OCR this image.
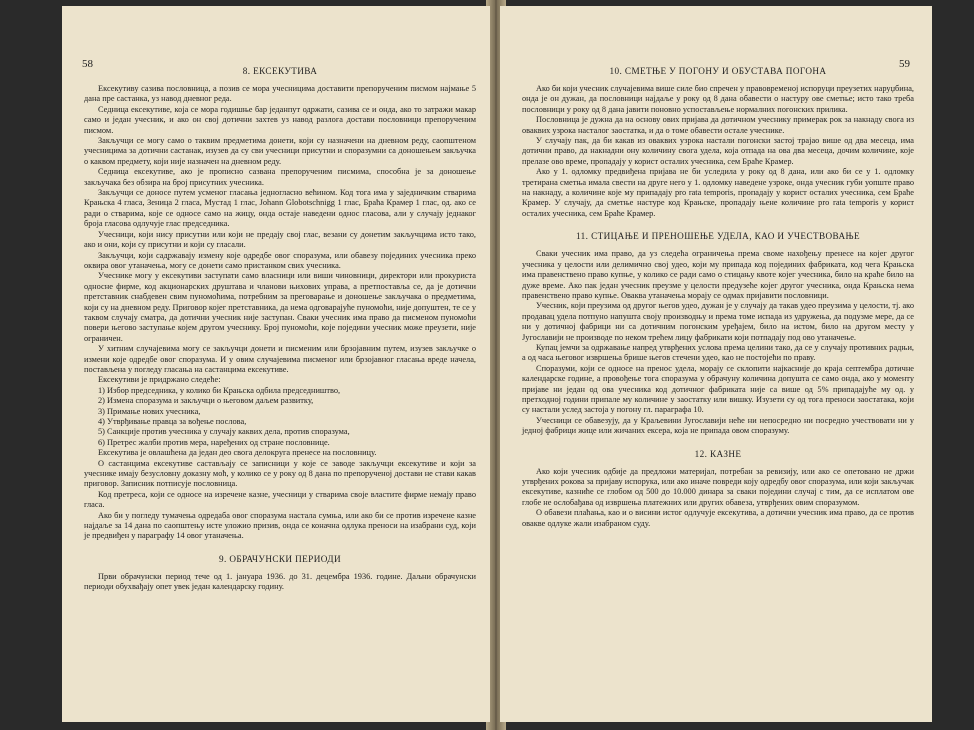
58
8. ЕКСЕКУТИВА

Ексекутиву сазива пословница, а позив се мора учесницима доставити препорученим писмом најмање 5 дана пре састанка, уз навод дневног реда.

Седница ексекутиве, која се мора годишње бар једанпут одржати, сазива се и онда, ако то затражи макар само и један учесник, и ако он свој дотични захтев уз навод разлога достави пословници препорученим писмом.

Закључци се могу само о таквим предметима донети, који су назначени на дневном реду, саопштеном учесницима за дотични састанак, изузев да су сви учесници присутни и споразумни са доношењем закључка о каквом предмету, који није назначен на дневном реду.

Седница ексекутиве, ако је прописно сазвана препорученим писмима, способна је за доношење закључака без обзира на број присутних учесника.

Закључци се доносе путем усменог гласања једногласно већином. Код тога има у заједничким стварима Крањска 4 гласа, Зеница 2 гласа, Мустад 1 глас, Johann Globotschnigg 1 глас, Браћа Крамер 1 глас, од. ако се ради о стварима, које се односе само на жицу, онда остаје наведени однос гласова, али у случају једнаког броја гласова одлучује глас председника.

Учесници, који нису присутни или који не предају свој глас, везани су донетим закључцима исто тако, ако и они, који су присутни и који су гласали.

Закључци, који садржавају измену које одредбе овог споразума, или обавезу појединих учесника преко оквира овог утаначења, могу се донети само пристанком свих учесника.

Учеснике могу у ексекутиви заступати само власници или виши чиновници, директори или прокуриста односне фирме, код акционарских друштава и чланови њихових управа, а претпоставља се, да је дотични претставник снабдевен свим пуномоћима, потребним за преговарање и доношење закључака о предметима, који су на дневном реду. Приговор којег претставника, да нема одговарајуће пуномоћи, није допуштен, те се у таквом случају сматра, да дотични учесник није заступан. Сваки учесник има право да писменом пуномоћи повери његово заступање којем другом учеснику. Број пуномоћи, које поједини учесник може преузети, није ограничен.

У хитним случајевима могу се закључци донети и писменим или брзојавним путем, изузев закључке о измени које одредбе овог споразума. И у овим случајевима писменог или брзојавног гласања вреде начела, постављена у погледу гласања на састанцима ексекутиве.

Ексекутиви је придржано следеће:

1) Избор председника, у колико би Крањска одбила председништво,

2) Измена споразума и закључци о његовом даљем развитку,

3) Примање нових учесника,

4) Утврђивање правца за вођење послова,

5) Санкције против учесника у случају каквих дела, против споразума,

6) Претрес жалби против мера, наређених од стране пословнице.

Ексекутива је овлашћена да један део свога делокруга пренесе на пословницу.

О састанцима ексекутиве састављају се записници у које се заводе закључци ексекутиве и који за учеснике имају безусловну доказну моћ, у колико се у року од 8 дана по препорученој достави не стави какав приговор. Записник потписује пословница.

Код претреса, који се односе на изречене казне, учесници у стварима своје властите фирме немају право гласа.

Ако би у погледу тумачења одредаба овог споразума настала сумња, или ако би се против изречене казне најдаље за 14 дана по саопштењу исте уложио призив, онда се коначна одлука преноси на изабрани суд, који је предвиђен у параграфу 14 овог утаначења.

9. ОБРАЧУНСКИ ПЕРИОДИ

Први обрачунски период тече од 1. јануара 1936. до 31. децембра 1936. године. Даљни обрачунски периоди обухвађају опет увек један календарску годину.

59
10. СМЕТЊЕ У ПОГОНУ И ОБУСТАВА ПОГОНА

Ако би који учесник случајевима више силе био спречен у правовременој испоруци преузетих наруџбина, онда је он дужан, да пословници најдаље у року од 8 дана обавести о настуру ове сметње; исто тако треба пословници у року од 8 дана јавити поновно успостављење нормалних погонских прилика.

Пословница је дужна да на основу ових пријава да дотичном учеснику примерак рок за накнаду свога из оваквих узрока насталог заостатка, и да о томе обавести остале учеснике.

У случају пак, да би какав из оваквих узрока настали погонски застој трајао више од два месеца, има дотични право, да накнадни ону количину свога удела, која отпада на ова два месеца, дочим количине, које прелазе ово време, пропадају у корист осталих учесника, сем Браће Крамер.

Ако у 1. одломку предвиђена пријава не би уследила у року од 8 дана, или ако би се у 1. одломку третирана сметња имала свести на друге него у 1. одломку наведене узроке, онда учесник губи уопште право на накнаду, а количине које му припадају pro rata temporis, пропадају у корист осталих учесника, сем Браће Крамер. У случају, да сметње настуре код Крањске, пропадају њене количине pro rata temporis у корист осталих учесника, сем Браће Крамер.

11. СТИЦАЊЕ И ПРЕНОШЕЊЕ УДЕЛА, КАО И УЧЕСТВОВАЊЕ

Сваки учесник има право, да уз следећа ограничења према своме нахођењу пренесе на којег другог учесника у целости или делимично свој удео, који му припада код појединих фабриката, код чега Крањска има правенствено право купње, у колико се ради само о стицању квоте којег учесника, било на краће било на дуже време. Ако пак један учесник преузме у целости предузеће којег другог учесника, онда Крањска нема правенствено право купње. Оваква утаначења морају се одмах пријавити пословници.

Учесник, који преузима од другог његов удео, дужан је у случају да такав удео преузима у целости, тј. ако продавац удела потпуно напушта своју производњу и према томе испада из удружења, да подузме мере, да се ни у дотичној фабрици ни са дотичним погонским уређајем, било на истом, било на другом месту у Југославији не производе по неком трећем лицу фабрикати који потпадају под ово утаначење.

Купац јемчи за одржавање напред утврђених услова према целини тако, да се у случају противних радњи, а од часа његовог извршења брише његов стечени удео, као не постојећи по праву.

Споразуми, који се односе на пренос удела, морају се склопити најкасније до краја септембра дотичне календарске године, а провођење тога споразума у обрачуну количина допушта се само онда, ако у моменту пријаве ни један од ова учесника код дотичног фабриката није са више од 5% припадајуће му од. у претходној години припале му количине у заостатку или вишку. Изузети су од тога преноси заостатака, који су настали услед застоја у погону гл. параграфа 10.

Учесници се обавезују, да у Краљевини Југославији неће ни непосредно ни посредно учествовати ни у једној фабрици жице или жичаних ексера, која не припада овом споразуму.

12. КАЗНЕ

Ако који учесник одбије да предложи материјал, потребан за ревизију, или ако се опетовано не држи утврђених рокова за пријаву испорука, или ако иначе повреди коју одредбу овог споразума, или који закључак ексекутиве, казниће се глобом од 500 до 10.000 динара за сваки поједини случај с тим, да се исплатом ове глобе не ослобађава од извршења платежних или других обавеза, утврђених овим споразумом.

О обавези плаћања, као и о висини истог одлучује ексекутива, а дотични учесник има право, да се против овакве одлуке жали изабраном суду.
